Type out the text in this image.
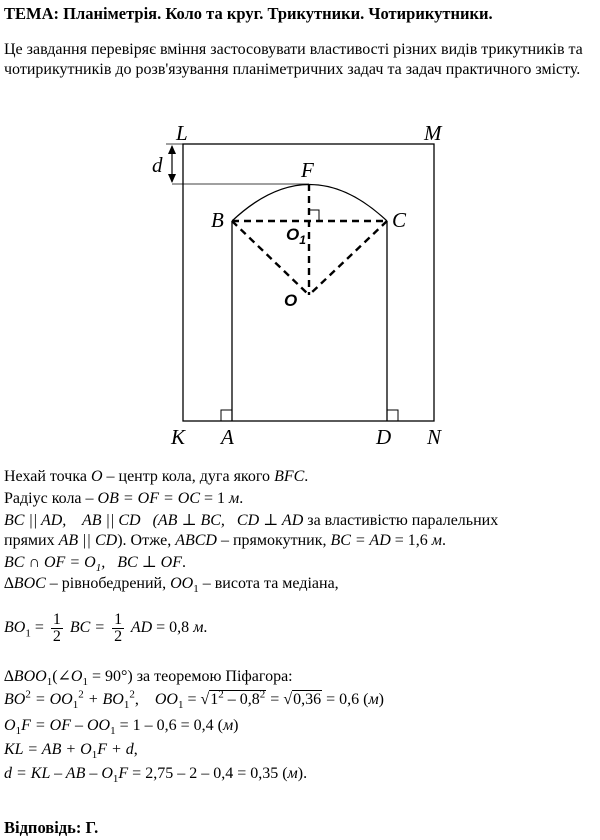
ТЕМА: Планіметрія. Коло та круг. Трикутники. Чотирикутники.
Це завдання перевіряє вміння застосовувати властивості різних видів трикутників та чотирикутників до розв'язування планіметричних задач та задач практичного змісту.
L	M
K A	D N
F
B	C
d
$O_1$
O
Нехай точка O – центр кола, дуга якого BFC.
Радіус кола – OB = OF = OC = 1 м.
BC || AD,    AB || CD   (AB ⊥ BC,   CD ⊥ AD за властивістю паралельних
прямих AB || CD). Отже, ABCD – прямокутник, BC = AD = 1,6 м.
BC ∩ OF = $O_1$,   BC ⊥ OF.
∆BOC – рівнобедрений, $OO_1$ – висота та медіана,
$BO_1 = \frac{1}{2}$ BC = $\frac{1}{2}$ AD = 0,8 м.
$\Delta BOO_1(\angle O_1 = 90^\circ)$ за теоремою Піфагора:
$BO^2 = OO_1^2 + BO_1^2$,    $OO_1 = √1^2 - 0,8^2 = √0,36 = 0,6$ (м)
$O_1F$ = OF – $OO_1 = 1 - 0,6 = 0,4$ (м)
KL = AB + $O_1F + d$,
d = KL – AB – $O_1F = 2,75 - 2 - 0,4 = 0,35$ (м).
Відповідь: Г.
